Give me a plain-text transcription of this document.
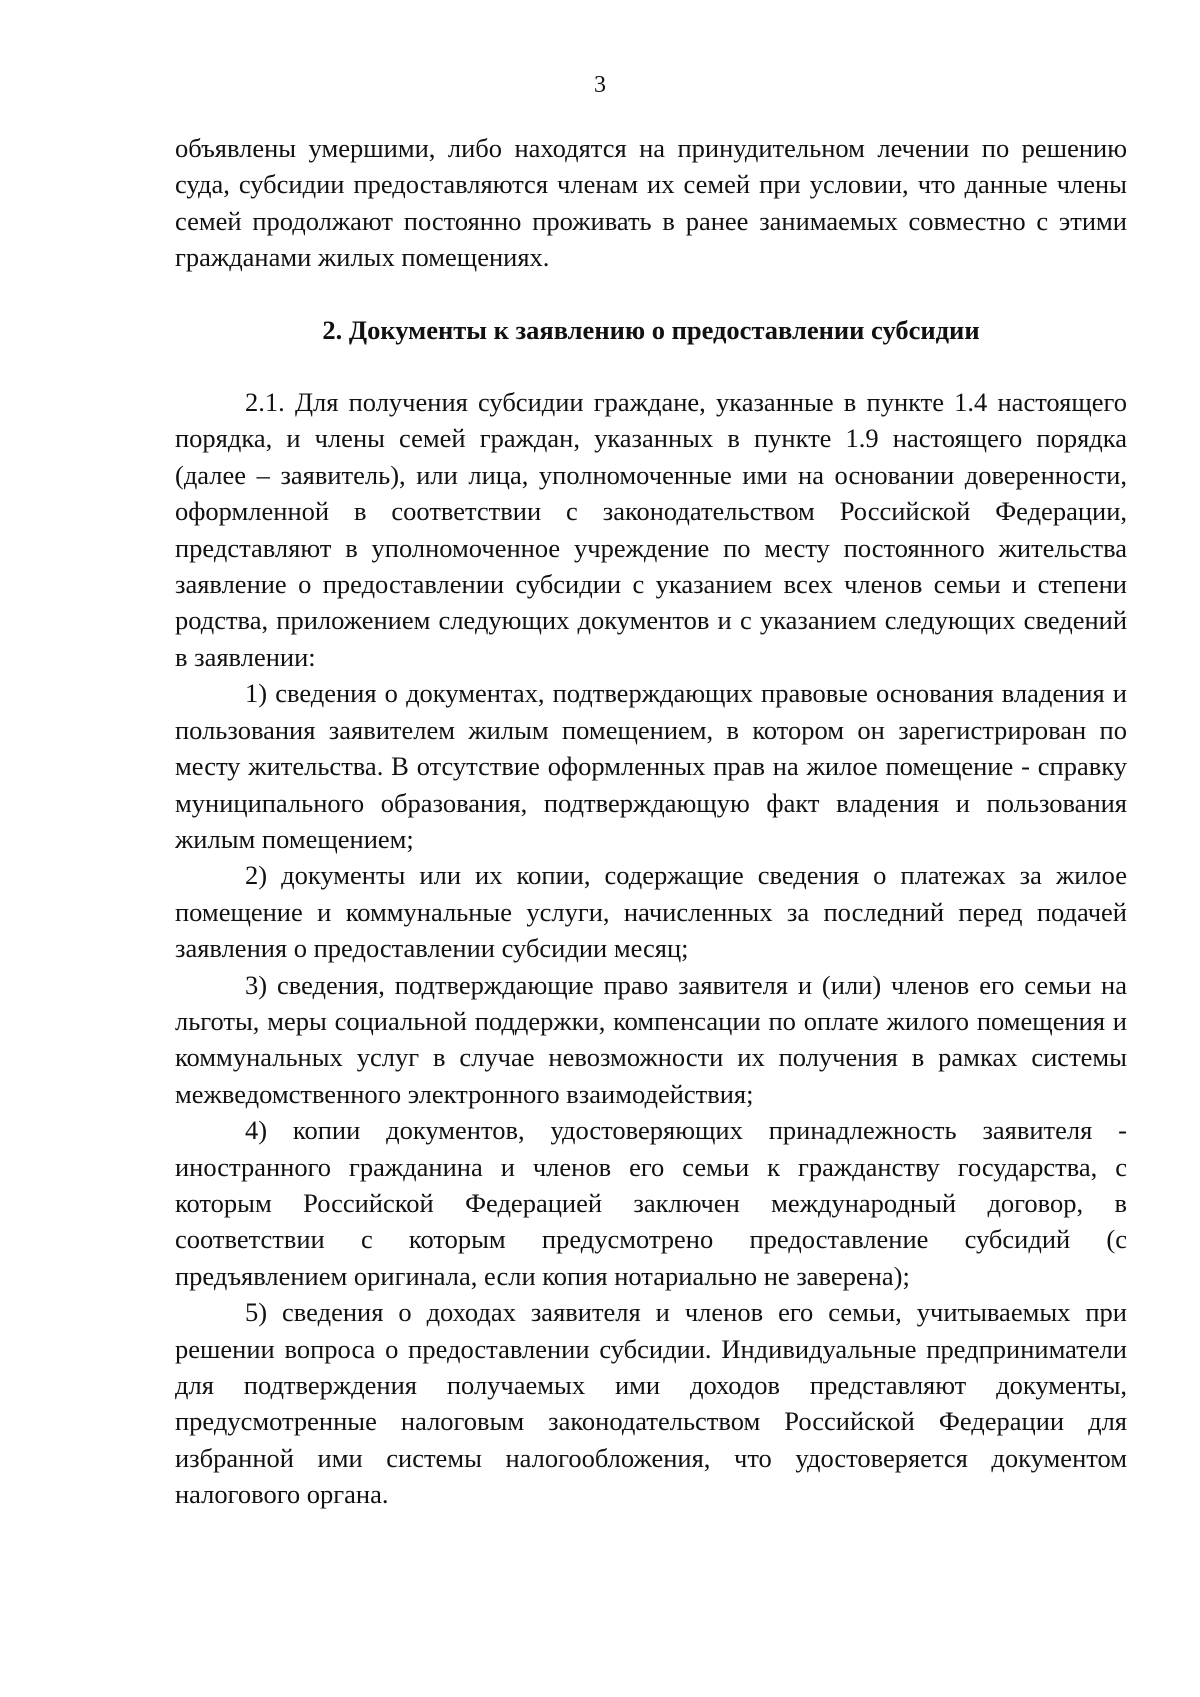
3

объявлены умершими, либо находятся на принудительном лечении по решению суда, субсидии предоставляются членам их семей при условии, что данные члены семей продолжают постоянно проживать в ранее занимаемых совместно с этими гражданами жилых помещениях.

2. Документы к заявлению о предоставлении субсидии

2.1. Для получения субсидии граждане, указанные в пункте 1.4 настоящего порядка, и члены семей граждан, указанных в пункте 1.9 настоящего порядка (далее – заявитель), или лица, уполномоченные ими на основании доверенности, оформленной в соответствии с законодательством Российской Федерации, представляют в уполномоченное учреждение по месту постоянного жительства заявление о предоставлении субсидии с указанием всех членов семьи и степени родства, приложением следующих документов и с указанием следующих сведений в заявлении:

1) сведения о документах, подтверждающих правовые основания владения и пользования заявителем жилым помещением, в котором он зарегистрирован по месту жительства. В отсутствие оформленных прав на жилое помещение - справку муниципального образования, подтверждающую факт владения и пользования жилым помещением;

2) документы или их копии, содержащие сведения о платежах за жилое помещение и коммунальные услуги, начисленных за последний перед подачей заявления о предоставлении субсидии месяц;

3) сведения, подтверждающие право заявителя и (или) членов его семьи на льготы, меры социальной поддержки, компенсации по оплате жилого помещения и коммунальных услуг в случае невозможности их получения в рамках системы межведомственного электронного взаимодействия;

4) копии документов, удостоверяющих принадлежность заявителя - иностранного гражданина и членов его семьи к гражданству государства, с которым Российской Федерацией заключен международный договор, в соответствии с которым предусмотрено предоставление субсидий (с предъявлением оригинала, если копия нотариально не заверена);

5) сведения о доходах заявителя и членов его семьи, учитываемых при решении вопроса о предоставлении субсидии. Индивидуальные предприниматели для подтверждения получаемых ими доходов представляют документы, предусмотренные налоговым законодательством Российской Федерации для избранной ими системы налогообложения, что удостоверяется документом налогового органа.
